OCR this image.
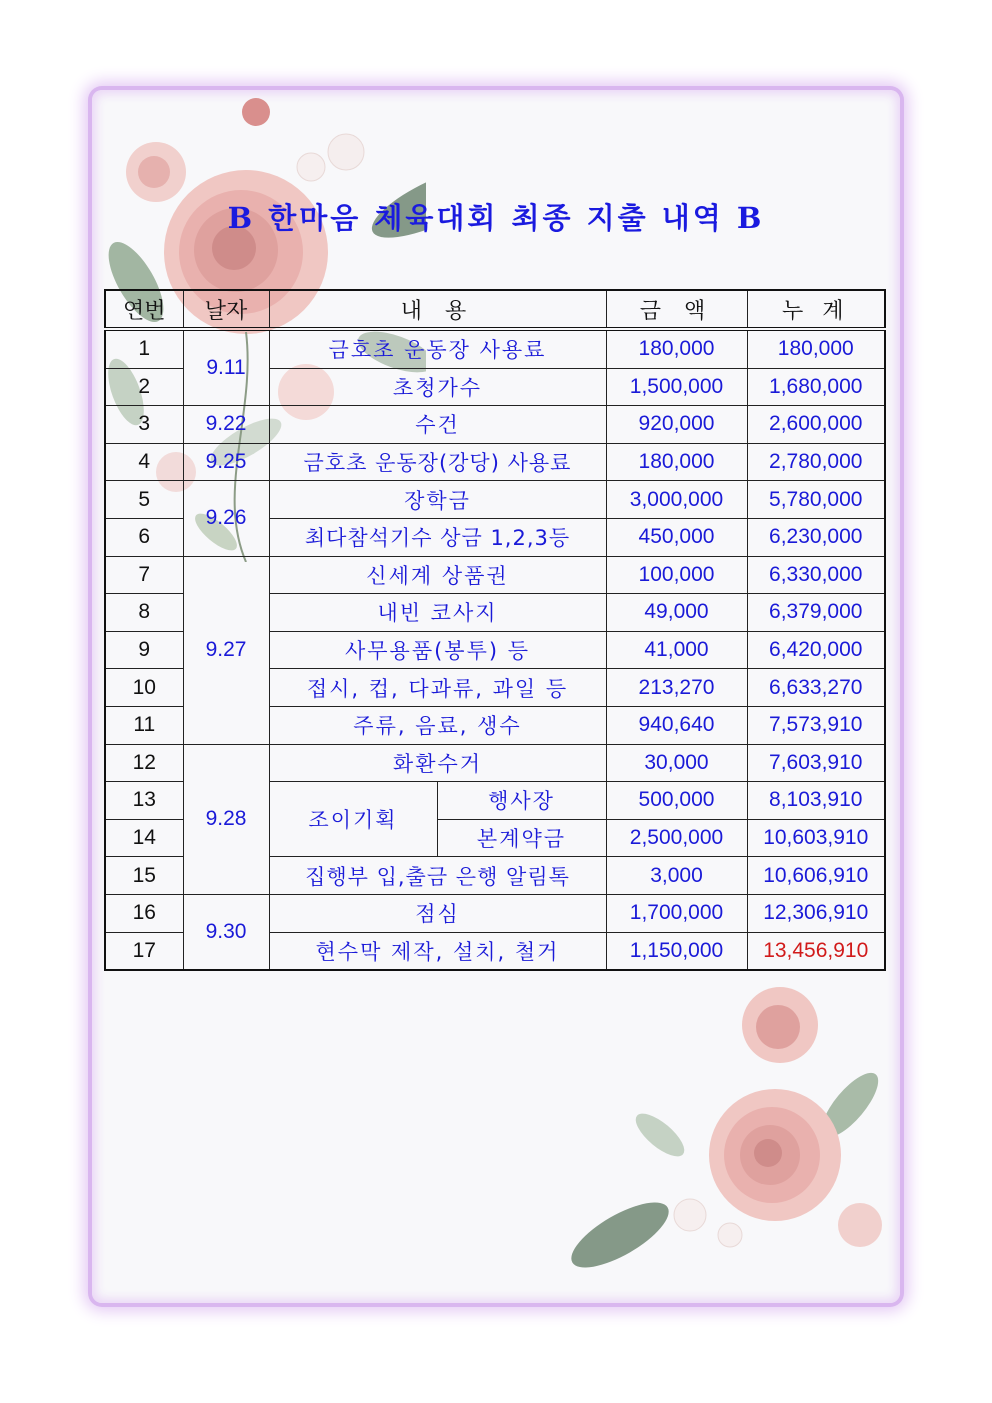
B 한마음 체육대회 최종 지출 내역 B
연번	날자	내 용		금 액	누 계
1	9.11	금호초 운동장 사용료		180,000	180,000
2		초청가수		1,500,000	1,680,000
3	9.22	수건		920,000	2,600,000
4	9.25	금호초 운동장(강당) 사용료		180,000	2,780,000
5	9.26	장학금		3,000,000	5,780,000
6		최다참석기수 상금 1,2,3등		450,000	6,230,000
7	9.27	신세계 상품권		100,000	6,330,000
8		내빈 코사지		49,000	6,379,000
9		사무용품(봉투) 등		41,000	6,420,000
10		접시, 컵, 다과류, 과일 등		213,270	6,633,270
11		주류, 음료, 생수		940,640	7,573,910
12	9.28	화환수거		30,000	7,603,910
13		조이기획	행사장	500,000	8,103,910
14			본계약금	2,500,000	10,603,910
15		집행부 입,출금 은행 알림톡		3,000	10,606,910
16	9.30	점심		1,700,000	12,306,910
17		현수막 제작, 설치, 철거		1,150,000	13,456,910
